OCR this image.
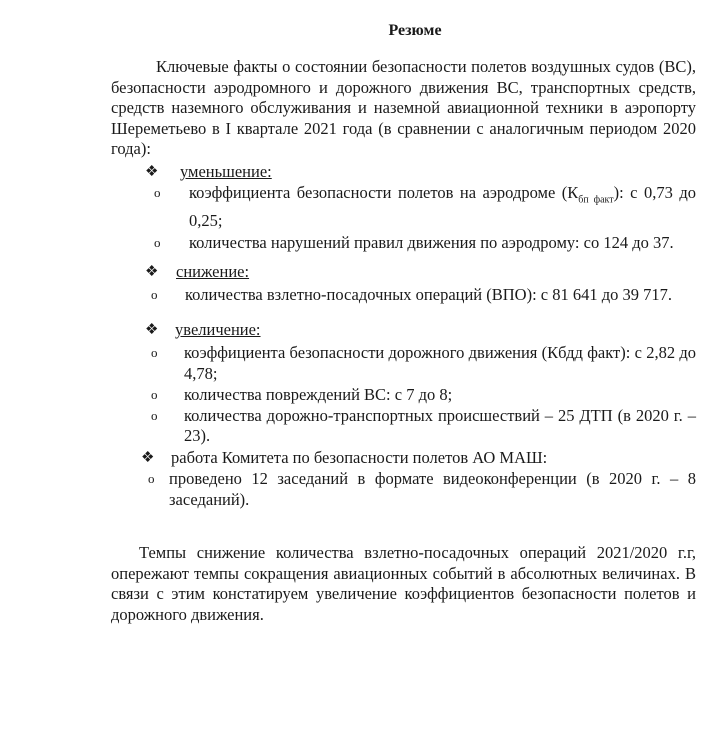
Резюме
Ключевые факты о состоянии безопасности полетов воздушных судов (ВС), безопасности аэродромного и дорожного движения ВС, транспортных средств, средств наземного обслуживания и наземной авиационной техники в аэропорту Шереметьево в I квартале 2021 года (в сравнении с аналогичным периодом 2020 года):
❖ уменьшение:
o коэффициента безопасности полетов на аэродроме $(К_{бп факт})$: с 0,73 до 0,25;
o количества нарушений правил движения по аэродрому: со 124 до 37.
❖ снижение:
o количества взлетно-посадочных операций (ВПО): с 81 641 до 39 717.
❖ увеличение:
o коэффициента безопасности дорожного движения (Кбдд факт): с 2,82 до 4,78;
o количества повреждений ВС: с 7 до 8;
o количества дорожно-транспортных происшествий – 25 ДТП (в 2020 г. – 23).
❖ работа Комитета по безопасности полетов АО МАШ:
o проведено 12 заседаний в формате видеоконференции (в 2020 г. – 8 заседаний).
Темпы снижение количества взлетно-посадочных операций 2021/2020 г.г, опережают темпы сокращения авиационных событий в абсолютных величинах. В связи с этим констатируем увеличение коэффициентов безопасности полетов и дорожного движения.
